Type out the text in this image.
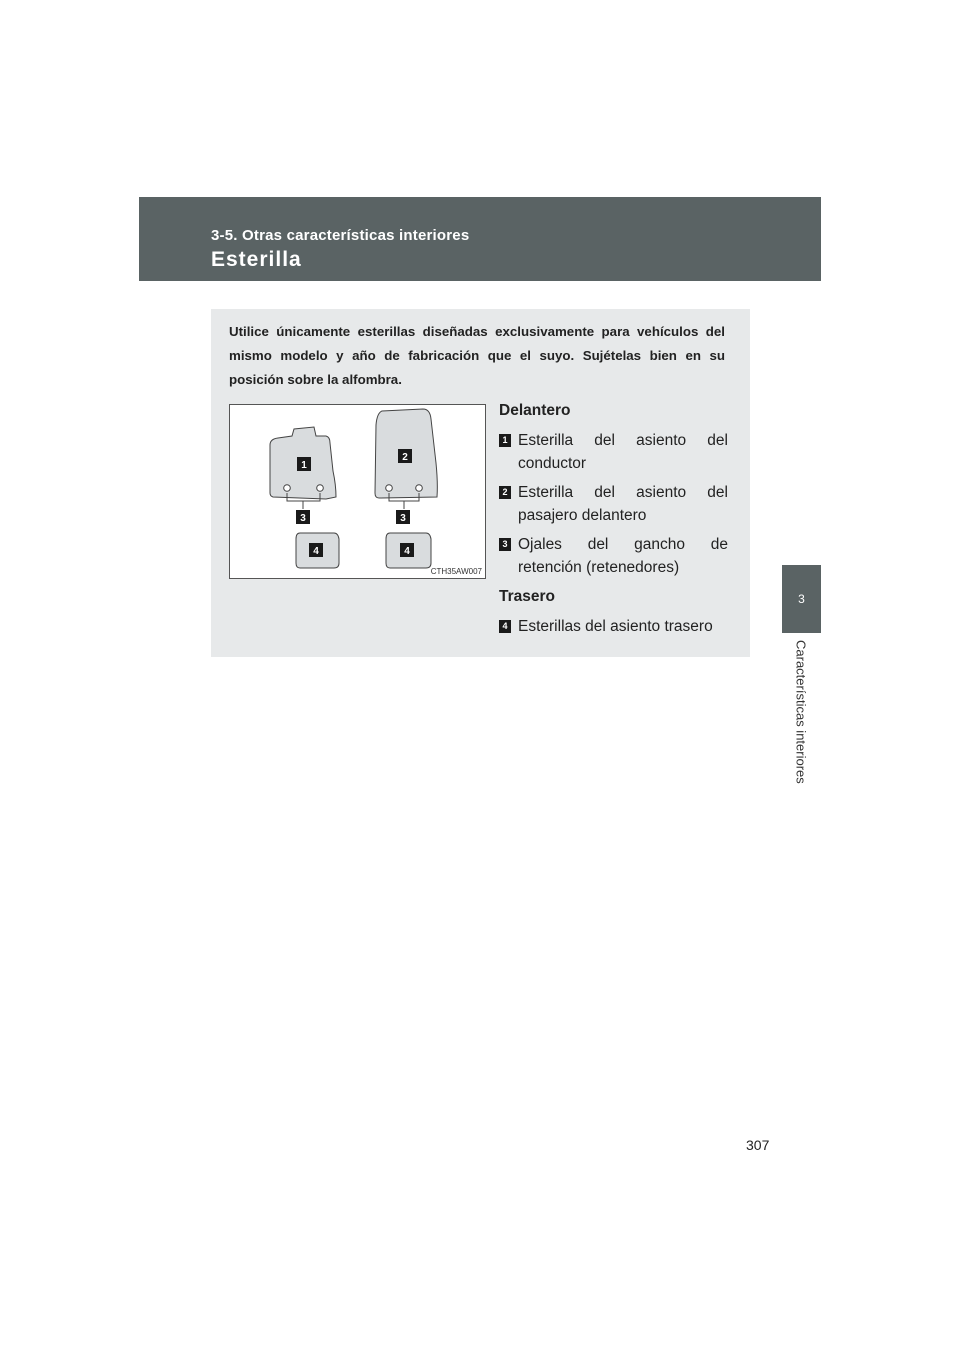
3-5. Otras características interiores
Esterilla
3
Características interiores
Utilice únicamente esterillas diseñadas exclusivamente para vehículos del mismo modelo y año de fabricación que el suyo. Sujételas bien en su posición sobre la alfombra.
1
2
3	3
4	4
CTH35AW007
Delantero
1 Esterilla del asiento del conductor
2 Esterilla del asiento del pasajero delantero
3 Ojales del gancho de retención (retenedores)
Trasero
4 Esterillas del asiento trasero
307
